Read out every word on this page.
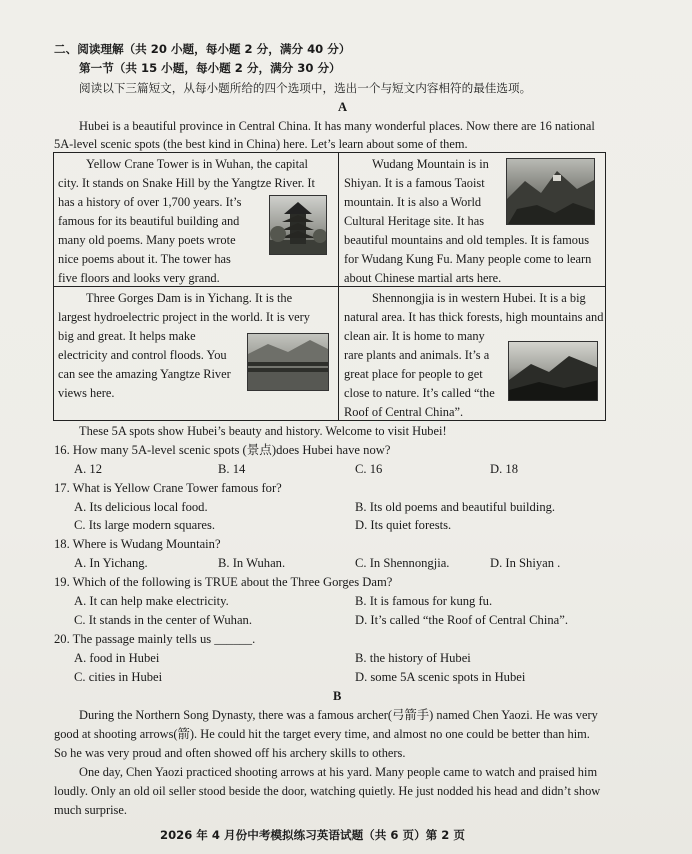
二、阅读理解（共 20 小题，每小题 2 分，满分 40 分）
第一节（共 15 小题，每小题 2 分，满分 30 分）
阅读以下三篇短文，从每小题所给的四个选项中，选出一个与短文内容相符的最佳选项。
A
Hubei is a beautiful province in Central China. It has many wonderful places. Now there are 16 national
5A-level scenic spots (the best kind in China) here. Let’s learn about some of them.
Yellow Crane Tower is in Wuhan, the capital
city. It stands on Snake Hill by the Yangtze River. It
has a history of over 1,700 years. It’s
famous for its beautiful building and
many old poems. Many poets wrote
nice poems about it. The tower has
five floors and looks very grand.
Wudang Mountain is in
Shiyan. It is a famous Taoist
mountain. It is also a World
Cultural Heritage site. It has
beautiful mountains and old temples. It is famous
for Wudang Kung Fu. Many people come to learn
about Chinese martial arts here.
Three Gorges Dam is in Yichang. It is the
largest hydroelectric project in the world. It is very
big and great. It helps make
electricity and control floods. You
can see the amazing Yangtze River
views here.
Shennongjia is in western Hubei. It is a big
natural area. It has thick forests, high mountains and
clean air. It is home to many
rare plants and animals. It’s a
great place for people to get
close to nature. It’s called “the
Roof of Central China”.
These 5A spots show Hubei’s beauty and history. Welcome to visit Hubei!
16. How many 5A-level scenic spots (景点)does Hubei have now?
A. 12	B. 14	C. 16	D. 18
17. What is Yellow Crane Tower famous for?
A. Its delicious local food.	B. Its old poems and beautiful building.
C. Its large modern squares.	D. Its quiet forests.
18. Where is Wudang Mountain?
A. In Yichang.	B. In Wuhan.	C. In Shennongjia.	D. In Shiyan .
19. Which of the following is TRUE about the Three Gorges Dam?
A. It can help make electricity.	B. It is famous for kung fu.
C. It stands in the center of Wuhan.	D. It’s called “the Roof of Central China”.
20. The passage mainly tells us ______.
A. food in Hubei	B. the history of Hubei
C. cities in Hubei	D. some 5A scenic spots in Hubei
B
During the Northern Song Dynasty, there was a famous archer(弓箭手) named Chen Yaozi. He was very
good at shooting arrows(箭). He could hit the target every time, and almost no one could be better than him.
So he was very proud and often showed off his archery skills to others.
One day, Chen Yaozi practiced shooting arrows at his yard. Many people came to watch and praised him
loudly. Only an old oil seller stood beside the door, watching quietly. He just nodded his head and didn’t show
much surprise.
2026 年 4 月份中考模拟练习英语试题（共 6 页）第 2 页
